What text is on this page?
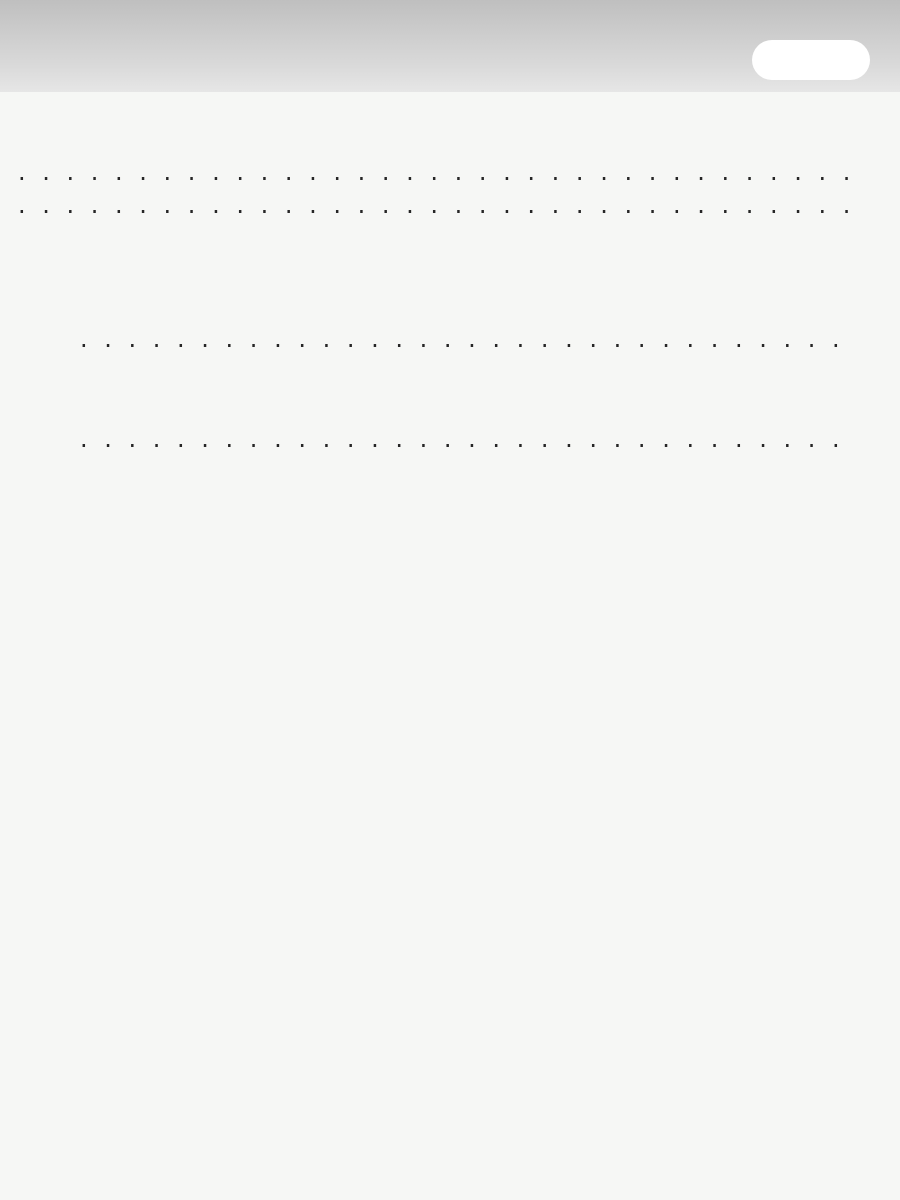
. . .
. . .
. . .
. . .
